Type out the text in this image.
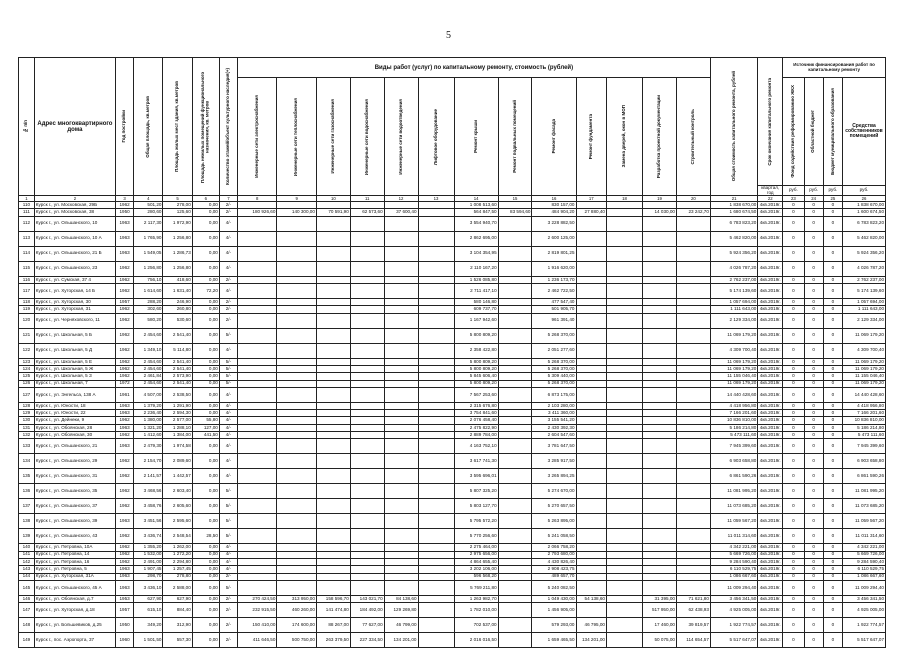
5
№ п/п	Адрес многоквартирного дома	Год постройки	Общая площадь, кв.метров	Площадь жилых мест здания, кв.метров	Площадь нежилых помещений функционального назначения, кв. метров	Количество этажей/объект культурного наследия(+)	Виды работ (услуг) по капитальному ремонту, стоимость (рублей)													Общая стоимость капитального ремонта, рублей	Срок окончания капитального ремонта	Источник финансирования работ по капитальному ремонту			

							Инженерные сети электроснабжения	Инженерные сети теплоснабжения	Инженерные сети газоснабжения	Инженерные сети водоснабжения	Инженерные сети водоотведения	Лифтовое оборудование	Ремонт крыши	Ремонт подвальных помещений	Ремонт фасада	Ремонт фундамента	Замена дверей, окон в МОП	Разработка проектной документации	Строительный контроль			Фонд содействия реформированию ЖКХ	Областной бюджет	Бюджет муниципального образования	Средства собственников помещений
																					квартал, год	руб.	руб.	руб.	руб.
1	2	3	4	5	6	7	8	9	10	11	12	13	14	15	16	17	18	19	20	21	22	23	24	25	26
110	Курск г., ул. Московская, 29Б	1962	501,20	278,00	0,00	2/-							1 008 513,60		830 157,00					1 838 670,00	4кв.2019г.	0	0	0	1 838 670,00
111	Курск г., ул. Московская, 38	1950	280,60	125,60	0,00	2/-	180 926,60	140 300,00	70 591,90	62 573,60	37 600,40		564 847,50	83 594,60	484 904,20	27 880,40		14 030,00	23 242,70	1 680 674,50	4кв.2019г.	0	0	0	1 600 674,50
112	Курск г., ул. Ольшанского, 10	1963	2 117,30	1 972,90	0,00	4/-							3 554 940,70		3 228 882,50					6 783 823,20	4кв.2019г.	0	0	0	6 783 823,20
113	Курск г., ул. Ольшанского, 10 А	1963	1 765,90	1 256,80	0,00	4/-							2 862 695,00		2 600 125,00					5 462 820,00	4кв.2019г.	0	0	0	5 462 820,00
114	Курск г., ул. Ольшанского, 21 Б	1963	1 549,05	1 286,73	0,00	4/-							3 104 354,95		2 819 801,25					5 924 356,20	4кв.2019г.	0	0	0	5 924 356,20
115	Курск г., ул. Ольшанского, 23	1962	1 256,80	1 256,80	0,00	4/-							2 110 167,20		1 916 620,00					4 026 787,20	4кв.2019г.	0	0	0	4 026 787,20
116	Курск г., ул. Сумская, 37 4	1962	756,10	418,60	0,00	2/-							1 526 085,80		1 236 173,70					2 762 237,00	4кв.2019г.	0	0	0	2 762 237,00
117	Курск г., ул. Хуторская, 14 Б	1962	1 614,60	1 631,40	72,20	4/-							2 711 417,10		2 462 722,50					5 174 139,60	4кв.2019г.	0	0	0	5 174 139,60
118	Курск г., ул. Хуторская, 30	1957	288,20	246,90	0,00	2/-							580 146,80		477 547,40					1 057 694,00	4кв.2019г.	0	0	0	1 057 694,00
119	Курск г., ул. Хуторская, 31	1962	302,60	260,80	0,00	2/-							609 737,70		501 905,70					1 111 643,00	4кв.2019г.	0	0	0	1 111 643,00
120	Курск г., ул. Черняховского, 11	1962	580,20	530,60	0,00	2/-							1 167 942,60		961 391,40					2 129 334,00	4кв.2019г.	0	0	0	2 129 334,00
121	Курск г., ул. Школьная, 5 Б	1962	2 454,60	2 541,40	0,00	5/-							5 800 809,20		5 268 370,00					11 069 179,20	4кв.2019г.	0	0	0	11 069 179,20
122	Курск г., ул. Школьная, 5 Д	1962	1 349,10	5 114,80	0,00	4/-							2 358 422,80		2 051 277,60					4 309 700,40	4кв.2019г.	0	0	0	4 309 700,40
123	Курск г., ул. Школьная, 5 Е	1962	2 454,60	2 541,40	0,00	5/-							5 800 809,20		5 268 370,00					11 069 179,20	4кв.2019г.	0	0	0	11 069 179,20
124	Курск г., ул. Школьная, 5 Ж	1962	2 454,60	2 541,40	0,00	5/-							5 800 809,20		5 268 370,00					11 069 179,20	4кв.2019г.	0	0	0	11 069 179,20
125	Курск г., ул. Школьная, 5 З	1962	2 461,84	2 573,90	0,00	5/-							5 845 606,40		5 309 440,00					11 155 046,40	4кв.2019г.	0	0	0	11 155 046,40
126	Курск г., ул. Школьная, 7	1972	2 454,60	2 541,40	0,00	5/-							5 800 809,20		5 268 370,00					11 069 179,20	4кв.2019г.	0	0	0	11 069 179,20
127	Курск г., ул. Энгельса, 138 А	1961	4 507,00	2 538,50	0,00	4/-							7 567 253,60		6 873 175,00					14 440 428,60	4кв.2019г.	0	0	0	14 440 428,60
128	Курск г., ул. Юности, 18	1963	1 379,20	1 291,90	0,00	4/-							2 315 676,80		2 103 280,00					4 418 956,80	4кв.2019г.	0	0	0	4 418 956,80
129	Курск г., ул. Юности, 22	1963	2 236,40	2 594,30	0,00	4/-							3 754 841,60		3 411 360,00					7 166 201,60	4кв.2019г.	0	0	0	7 166 201,60
130	Курск г., ул. Дейнеки, 9	1962	1 380,00	2 577,00	55,80	4/-							2 076 458,40		3 155 541,20					10 836 810,00	4кв.2019г.	0	0	0	10 836 810,00
131	Курск г., ул. Обоянская, 28	1963	1 321,20	1 288,10	127,00	4/-							2 475 822,90		2 430 392,30					5 186 214,80	4кв.2019г.	0	0	0	5 186 214,80
132	Курск г., ул. Обоянская, 30	1962	1 412,60	1 384,00	441,50	4/-							2 889 784,00		2 604 547,60					5 473 111,60	4кв.2019г.	0	0	0	5 473 111,60
133	Курск г., ул. Ольшанского, 21	1963	2 479,30	1 974,58	0,00	4/-							4 163 752,10		3 781 647,50					7 945 399,60	4кв.2019г.	0	0	0	7 945 399,60
134	Курск г., ул. Ольшанского, 29	1962	2 154,70	2 089,60	0,00	4/-							3 617 741,30		3 285 917,50					6 903 658,80	4кв.2019г.	0	0	0	6 903 658,80
135	Курск г., ул. Ольшанского, 31	1962	2 141,57	1 442,57	0,00	4/-							3 595 696,01		3 265 894,25					6 861 590,26	4кв.2019г.	0	0	0	6 861 590,26
136	Курск г., ул. Ольшанского, 35	1962	3 468,56	2 603,40	0,00	5/-							5 807 325,20		5 274 670,00					11 081 995,20	4кв.2019г.	0	0	0	11 081 995,20
137	Курск г., ул. Ольшанского, 37	1962	3 458,76	2 605,60	0,00	5/-							5 803 127,70		5 270 657,50					11 073 685,20	4кв.2019г.	0	0	0	11 073 685,20
138	Курск г., ул. Ольшанского, 39	1963	3 451,56	2 595,60	0,00	5/-							5 795 572,20		5 263 895,00					11 059 567,20	4кв.2019г.	0	0	0	11 059 567,20
139	Курск г., ул. Ольшанского, 43	1962	3 436,74	2 548,54	28,50	5/-							5 770 256,60		5 241 058,50					11 011 314,60	4кв.2019г.	0	0	0	11 011 314,60
140	Курск г., ул. Петровна, 10А	1962	1 355,20	1 262,00	0,00	4/-							2 275 464,00		2 066 758,20					4 342 221,00	4кв.2019г.	0	0	0	4 342 221,00
141	Курск г., ул. Петровна, 14	1962	1 532,00	1 272,20	0,00	4/-							2 975 656,00		2 793 680,00					5 669 726,00	4кв.2019г.	0	0	0	5 669 726,00
142	Курск г., ул. Петровна, 16	1962	2 491,00	2 294,80	0,00	4/-							4 864 655,40		4 430 826,40					9 284 590,40	4кв.2019г.	0	0	0	9 284 590,40
143	Курск г., ул. Петровна, 5	1963	1 907,45	1 257,45	0,00	4/-							3 202 106,00		2 908 423,75					6 110 529,75	4кв.2019г.	0	0	0	6 110 529,75
144	Курск г., ул. Хуторская, 31А	1963	298,70	278,80	0,00	2/-							596 568,20		489 657,70					1 086 667,60	4кв.2019г.	0	0	0	1 086 667,60
145	Курск г., ул. Ольшанского, 45 А	1963	3 436,10	2 588,00	0,00	5/-							5 769 211,80		5 240 082,50					11 009 294,40	4кв.2019г.	0	0	0	11 009 294,40
146	Курск г., ул. Обоянская, д.7	1953	627,90	627,90	0,00	2/-	270 424,50	313 950,00	158 596,70	143 021,70	84 138,60		1 263 982,70		1 049 430,00	54 138,60		31 395,00	71 621,80	3 456 341,50	4кв.2019г.	0	0	0	3 456 341,50
147	Курск г., ул. Хуторская, д.18	1957	615,10	884,40	0,00	2/-	232 915,50	460 260,00	141 474,80	184 492,00	129 269,80		1 782 010,00		1 456 905,00			517 950,00	62 438,93	4 925 005,00	4кв.2019г.	0	0	0	4 925 005,00
148	Курск г., ул. Большевиков, д.25	1950	349,20	312,90	0,00	2/-	150 410,00	174 600,00	88 267,00	77 627,00	46 799,00		702 537,00		579 293,00	46 795,00		17 460,00	39 819,57	1 922 774,57	4кв.2019г.	0	0	0	1 922 774,57
149	Курск г., пос. Аэропорта, 37	1960	1 501,50	557,30	0,00	2/-	411 646,50	500 750,00	263 379,50	227 334,50	134 201,00		2 016 016,50		1 659 465,50	134 201,00		50 075,00	114 654,57	5 517 647,07	4кв.2019г.	0	0	0	5 517 647,07
